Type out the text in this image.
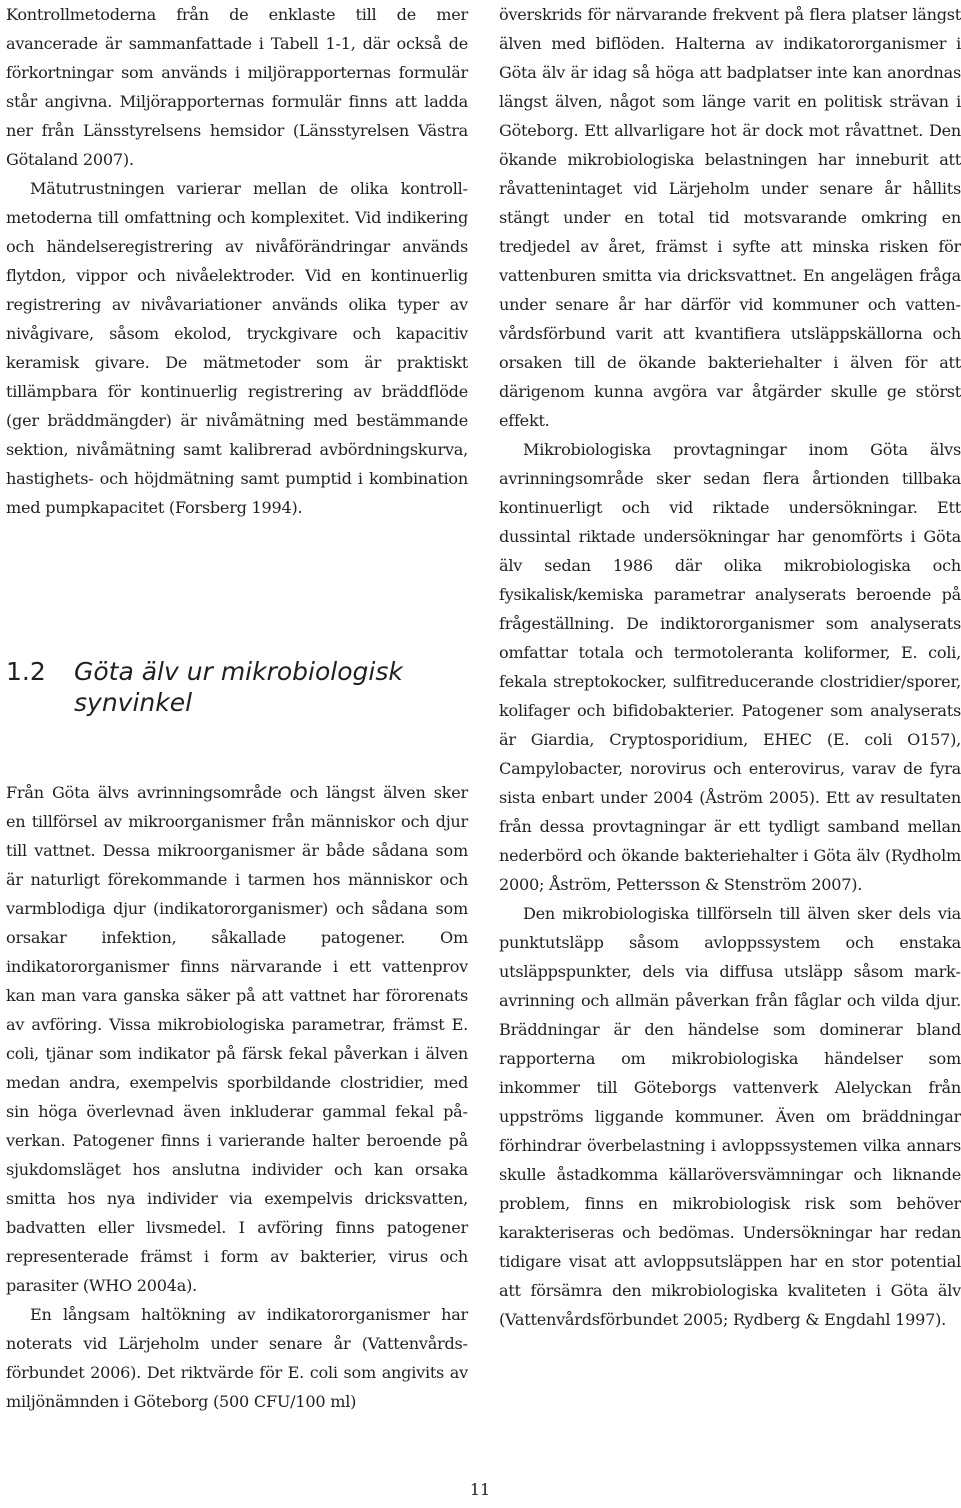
Kontrollmetoderna från de enklaste till de mer avancerade är sammanfattade i Tabell 1-1, där också de förkortningar som används i miljörapporternas formulär står angivna. Miljörapporternas formulär finns att ladda ner från Länsstyrelsens hemsidor (Länsstyrelsen Västra Götaland 2007).

Mätutrustningen varierar mellan de olika kontrollmetoderna till omfattning och komplexitet. Vid indikering och händelseregistrering av nivåförändringar används flytdon, vippor och nivåelektroder. Vid en kontinuerlig registrering av nivåvariationer används olika typer av nivågivare, såsom ekolod, tryckgivare och kapacitiv keramisk givare. De mätmetoder som är praktiskt tillämpbara för kontinuerlig registrering av bräddflöde (ger bräddmängder) är nivåmätning med bestämmande sektion, nivåmätning samt kalibrerad avbördningskurva, hastighets- och höjdmätning samt pumptid i kombination med pumpkapacitet (Forsberg 1994).

1.2	Göta älv ur mikrobiologisk synvinkel

Från Göta älvs avrinningsområde och längst älven sker en tillförsel av mikroorganismer från människor och djur till vattnet. Dessa mikroorganismer är både sådana som är naturligt förekommande i tarmen hos människor och varmblodiga djur (indikatororganismer) och sådana som orsakar infektion, såkallade patogener. Om indikatororganismer finns närvarande i ett vattenprov kan man vara ganska säker på att vattnet har förorenats av avföring. Vissa mikrobiologiska parametrar, främst E. coli, tjänar som indikator på färsk fekal påverkan i älven medan andra, exempelvis sporbildande clostridier, med sin höga överlevnad även inkluderar gammal fekal påverkan. Patogener finns i varierande halter beroende på sjukdomsläget hos anslutna individer och kan orsaka smitta hos nya individer via exempelvis dricksvatten, badvatten eller livsmedel. I avföring finns patogener representerade främst i form av bakterier, virus och parasiter (WHO 2004a).

En långsam haltökning av indikatororganismer har noterats vid Lärjeholm under senare år (Vattenvårdsförbundet 2006). Det riktvärde för E. coli som angivits av miljönämnden i Göteborg (500 CFU/100 ml)

överskrids för närvarande frekvent på flera platser längst älven med biflöden. Halterna av indikatororganismer i Göta älv är idag så höga att badplatser inte kan anordnas längst älven, något som länge varit en politisk strävan i Göteborg. Ett allvarligare hot är dock mot råvattnet. Den ökande mikrobiologiska belastningen har inneburit att råvattenintaget vid Lärjeholm under senare år hållits stängt under en total tid motsvarande omkring en tredjedel av året, främst i syfte att minska risken för vattenburen smitta via dricksvattnet. En angelägen fråga under senare år har därför vid kommuner och vattenvårdsförbund varit att kvantifiera utsläppskällorna och orsaken till de ökande bakteriehalter i älven för att därigenom kunna avgöra var åtgärder skulle ge störst effekt.

Mikrobiologiska provtagningar inom Göta älvs avrinningsområde sker sedan flera årtionden tillbaka kontinuerligt och vid riktade undersökningar. Ett dussintal riktade undersökningar har genomförts i Göta älv sedan 1986 där olika mikrobiologiska och fysikalisk/kemiska parametrar analyserats beroende på frågeställning. De indiktororganismer som analyserats omfattar totala och termotoleranta koliformer, E. coli, fekala streptokocker, sulfitreducerande clostridier/sporer, kolifager och bifidobakterier. Patogener som analyserats är Giardia, Cryptosporidium, EHEC (E. coli O157), Campylobacter, norovirus och enterovirus, varav de fyra sista enbart under 2004 (Åström 2005). Ett av resultaten från dessa provtagningar är ett tydligt samband mellan nederbörd och ökande bakteriehalter i Göta älv (Rydholm 2000; Åström, Pettersson & Stenström 2007).

Den mikrobiologiska tillförseln till älven sker dels via punktutsläpp såsom avloppssystem och enstaka utsläppspunkter, dels via diffusa utsläpp såsom markavrinning och allmän påverkan från fåglar och vilda djur. Bräddningar är den händelse som dominerar bland rapporterna om mikrobiologiska händelser som inkommer till Göteborgs vattenverk Alelyckan från uppströms liggande kommuner. Även om bräddningar förhindrar överbelastning i avloppssystemen vilka annars skulle åstadkomma källaröversvämningar och liknande problem, finns en mikrobiologisk risk som behöver karakteriseras och bedömas. Undersökningar har redan tidigare visat att avloppsutsläppen har en stor potential att försämra den mikrobiologiska kvaliteten i Göta älv (Vattenvårdsförbundet 2005; Rydberg & Engdahl 1997).

11
